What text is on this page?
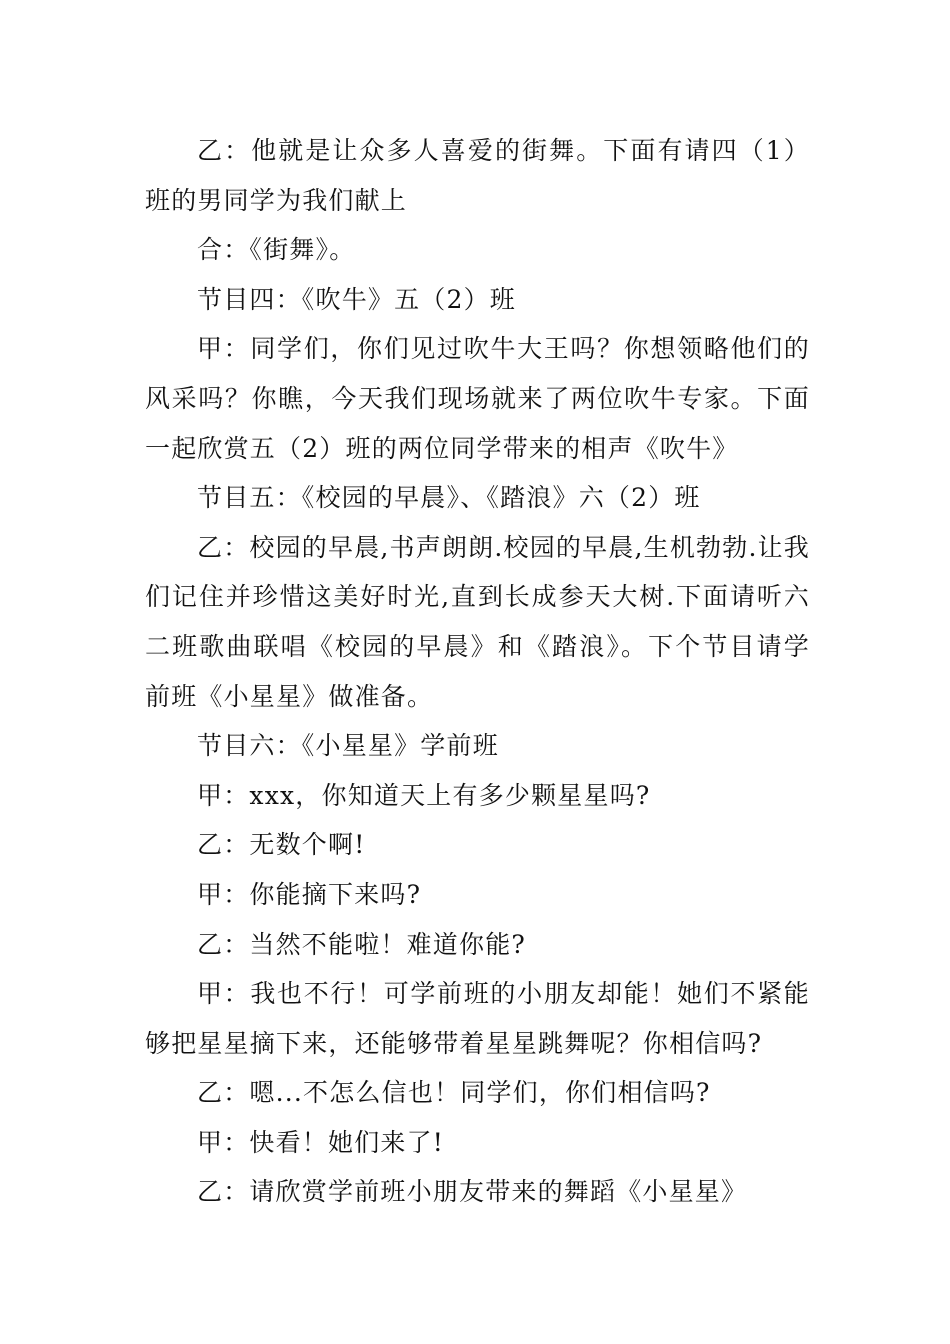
乙：他就是让众多人喜爱的街舞。下面有请四（1）班的男同学为我们献上

合：《街舞》。

节目四：《吹牛》五（2）班

甲：同学们，你们见过吹牛大王吗？你想领略他们的风采吗？你瞧，今天我们现场就来了两位吹牛专家。下面一起欣赏五（2）班的两位同学带来的相声《吹牛》

节目五：《校园的早晨》、《踏浪》六（2）班

乙：校园的早晨,书声朗朗.校园的早晨,生机勃勃.让我们记住并珍惜这美好时光,直到长成参天大树.下面请听六二班歌曲联唱《校园的早晨》和《踏浪》。下个节目请学前班《小星星》做准备。

节目六：《小星星》学前班

甲：xxx，你知道天上有多少颗星星吗?

乙：无数个啊!

甲：你能摘下来吗?

乙：当然不能啦！难道你能?

甲：我也不行！可学前班的小朋友却能！她们不紧能够把星星摘下来，还能够带着星星跳舞呢？你相信吗?

乙：嗯...不怎么信也！同学们，你们相信吗?

甲：快看！她们来了!

乙：请欣赏学前班小朋友带来的舞蹈《小星星》
